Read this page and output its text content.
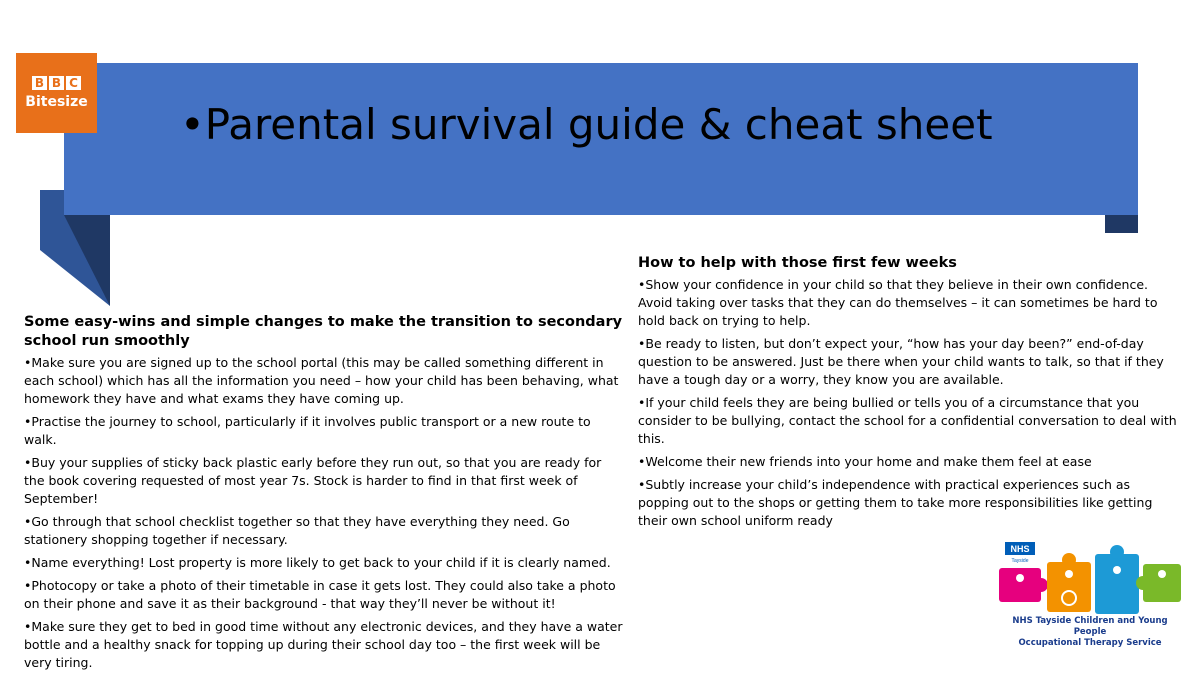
B B C
Bitesize •Parental survival guide & cheat sheet
Some easy-wins and simple changes to make the transition to secondary school run smoothly

•Make sure you are signed up to the school portal (this may be called something different in each school) which has all the information you need – how your child has been behaving, what homework they have and what exams they have coming up.

•Practise the journey to school, particularly if it involves public transport or a new route to walk.

•Buy your supplies of sticky back plastic early before they run out, so that you are ready for the book covering requested of most year 7s. Stock is harder to find in that first week of September!

•Go through that school checklist together so that they have everything they need. Go stationery shopping together if necessary.

•Name everything! Lost property is more likely to get back to your child if it is clearly named.

•Photocopy or take a photo of their timetable in case it gets lost. They could also take a photo on their phone and save it as their background - that way they’ll never be without it!

•Make sure they get to bed in good time without any electronic devices, and they have a water bottle and a healthy snack for topping up during their school day too – the first week will be very tiring.

How to help with those first few weeks

•Show your confidence in your child so that they believe in their own confidence. Avoid taking over tasks that they can do themselves – it can sometimes be hard to hold back on trying to help.

•Be ready to listen, but don’t expect your, “how has your day been?” end-of-day question to be answered. Just be there when your child wants to talk, so that if they have a tough day or a worry, they know you are available.

•If your child feels they are being bullied or tells you of a circumstance that you consider to be bullying, contact the school for a confidential conversation to deal with this.

•Welcome their new friends into your home and make them feel at ease

•Subtly increase your child’s independence with practical experiences such as popping out to the shops or getting them to take more responsibilities like getting their own school uniform ready

NHS
Tayside
NHS Tayside Children and Young People
Occupational Therapy Service
